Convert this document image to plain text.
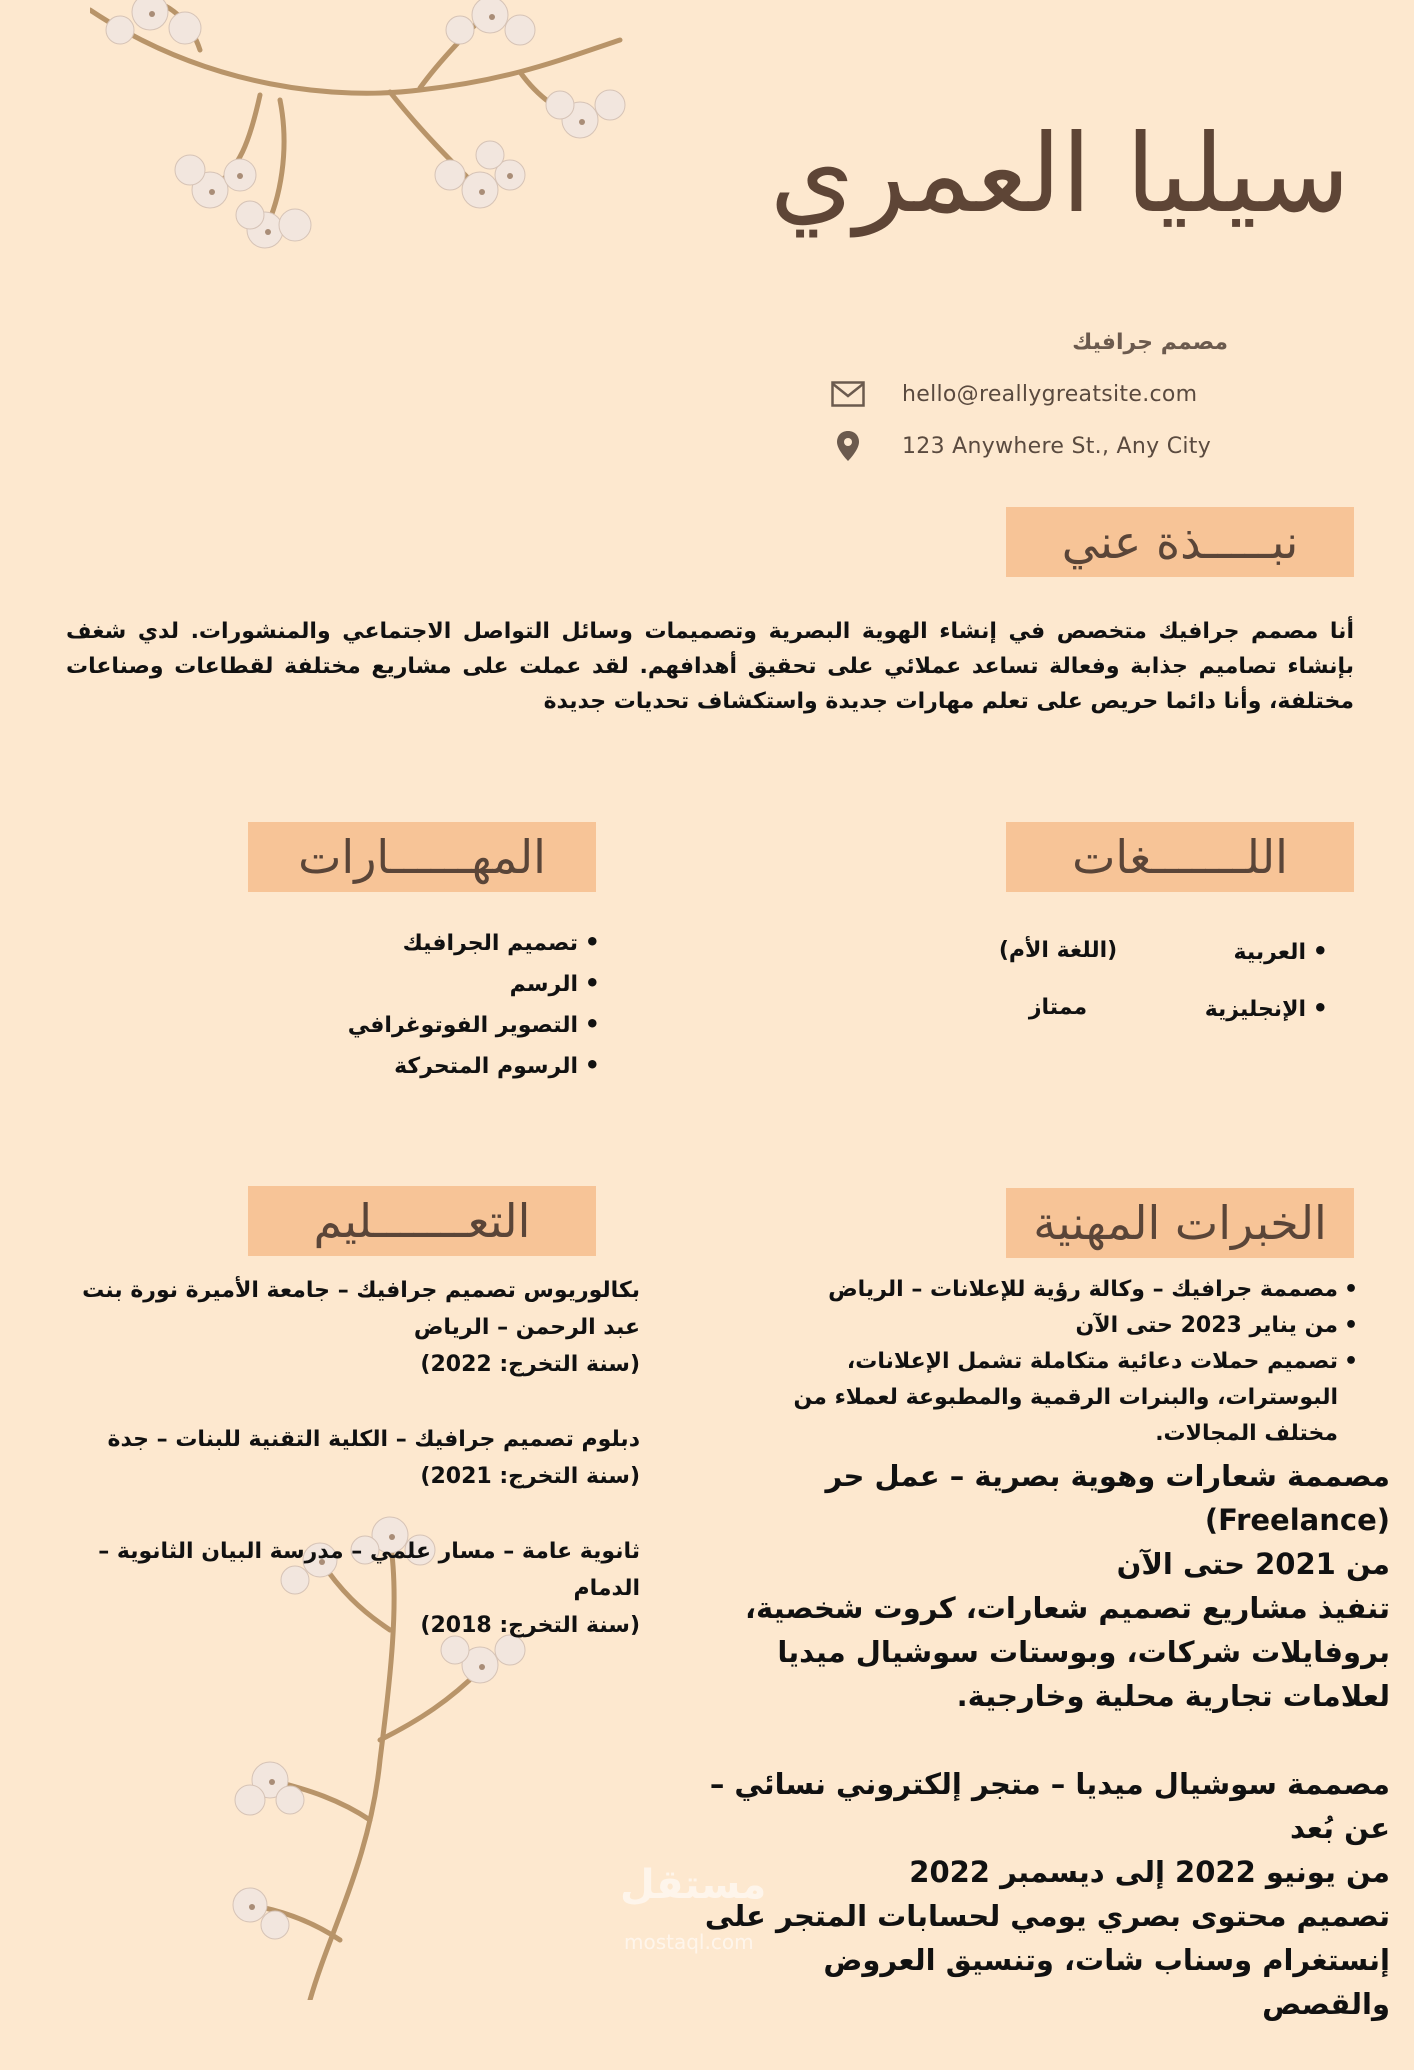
سيليا العمري
مصمم جرافيك
hello@reallygreatsite.com
123 Anywhere St., Any City
نبـــــذة عني
أنا مصمم جرافيك متخصص في إنشاء الهوية البصرية وتصميمات وسائل التواصل الاجتماعي والمنشورات. لدي شغف بإنشاء تصاميم جذابة وفعالة تساعد عملائي على تحقيق أهدافهم. لقد عملت على مشاريع مختلفة لقطاعات وصناعات مختلفة، وأنا دائما حريص على تعلم مهارات جديدة واستكشاف تحديات جديدة
اللـــــــغات
• العربية
(اللغة الأم)
• الإنجليزية
ممتاز
المهــــــارات
• تصميم الجرافيك
• الرسم
• التصوير الفوتوغرافي
• الرسوم المتحركة
الخبرات المهنية
• مصممة جرافيك – وكالة رؤية للإعلانات – الرياض
• من يناير 2023 حتى الآن
• تصميم حملات دعائية متكاملة تشمل الإعلانات، البوسترات، والبنرات الرقمية والمطبوعة لعملاء من مختلف المجالات.

مصممة شعارات وهوية بصرية – عمل حر (Freelance)
من 2021 حتى الآن
تنفيذ مشاريع تصميم شعارات، كروت شخصية، بروفايلات شركات، وبوستات سوشيال ميديا لعلامات تجارية محلية وخارجية.

مصممة سوشيال ميديا – متجر إلكتروني نسائي – عن بُعد
من يونيو 2022 إلى ديسمبر 2022
تصميم محتوى بصري يومي لحسابات المتجر على إنستغرام وسناب شات، وتنسيق العروض والقصص

التعـــــــليم

بكالوريوس تصميم جرافيك – جامعة الأميرة نورة بنت عبد الرحمن – الرياض
(سنة التخرج: 2022)

دبلوم تصميم جرافيك – الكلية التقنية للبنات – جدة
(سنة التخرج: 2021)

ثانوية عامة – مسار علمي – مدرسة البيان الثانوية – الدمام
(سنة التخرج: 2018)

مستقل
mostaql.com
